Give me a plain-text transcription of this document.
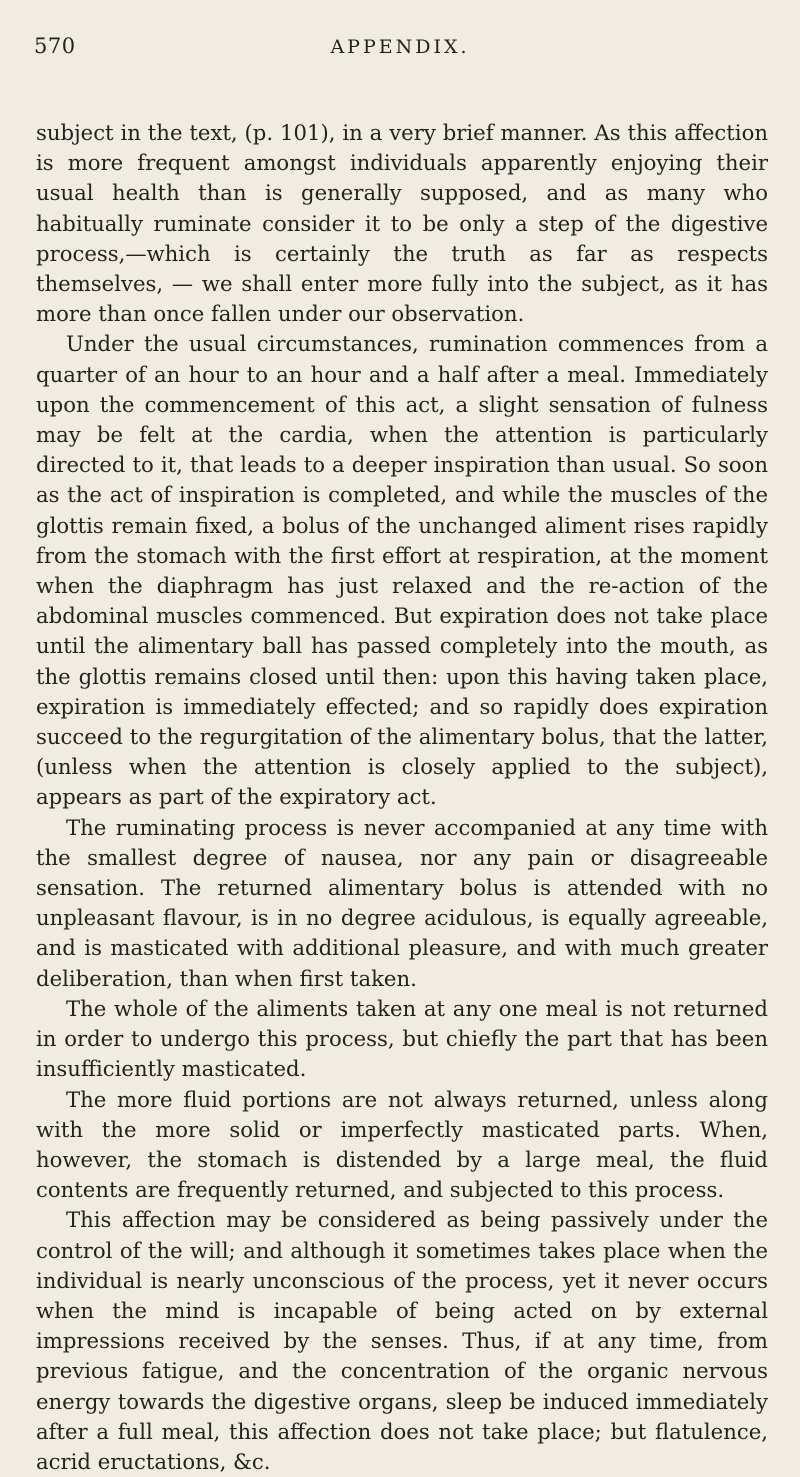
570	APPENDIX.

subject in the text, (p. 101), in a very brief manner. As this affection is more frequent amongst individuals apparently enjoying their usual health than is generally supposed, and as many who habitually ruminate consider it to be only a step of the digestive process,—which is certainly the truth as far as respects themselves, — we shall enter more fully into the subject, as it has more than once fallen under our observation.

Under the usual circumstances, rumination commences from a quarter of an hour to an hour and a half after a meal. Immediately upon the commencement of this act, a slight sensation of fulness may be felt at the cardia, when the attention is particularly directed to it, that leads to a deeper inspiration than usual. So soon as the act of inspiration is completed, and while the muscles of the glottis remain fixed, a bolus of the unchanged aliment rises rapidly from the stomach with the first effort at respiration, at the moment when the diaphragm has just relaxed and the re-action of the abdominal muscles commenced. But expiration does not take place until the alimentary ball has passed completely into the mouth, as the glottis remains closed until then: upon this having taken place, expiration is immediately effected; and so rapidly does expiration succeed to the regurgitation of the alimentary bolus, that the latter, (unless when the attention is closely applied to the subject), appears as part of the expiratory act.

The ruminating process is never accompanied at any time with the smallest degree of nausea, nor any pain or disagreeable sensation. The returned alimentary bolus is attended with no unpleasant flavour, is in no degree acidulous, is equally agreeable, and is masticated with additional pleasure, and with much greater deliberation, than when first taken.

The whole of the aliments taken at any one meal is not returned in order to undergo this process, but chiefly the part that has been insufficiently masticated.

The more fluid portions are not always returned, unless along with the more solid or imperfectly masticated parts. When, however, the stomach is distended by a large meal, the fluid contents are frequently returned, and subjected to this process.

This affection may be considered as being passively under the control of the will; and although it sometimes takes place when the individual is nearly unconscious of the process, yet it never occurs when the mind is incapable of being acted on by external impressions received by the senses. Thus, if at any time, from previous fatigue, and the concentration of the organic nervous energy towards the digestive organs, sleep be induced immediately after a full meal, this affection does not take place; but flatulence, acrid eructations, &c.
